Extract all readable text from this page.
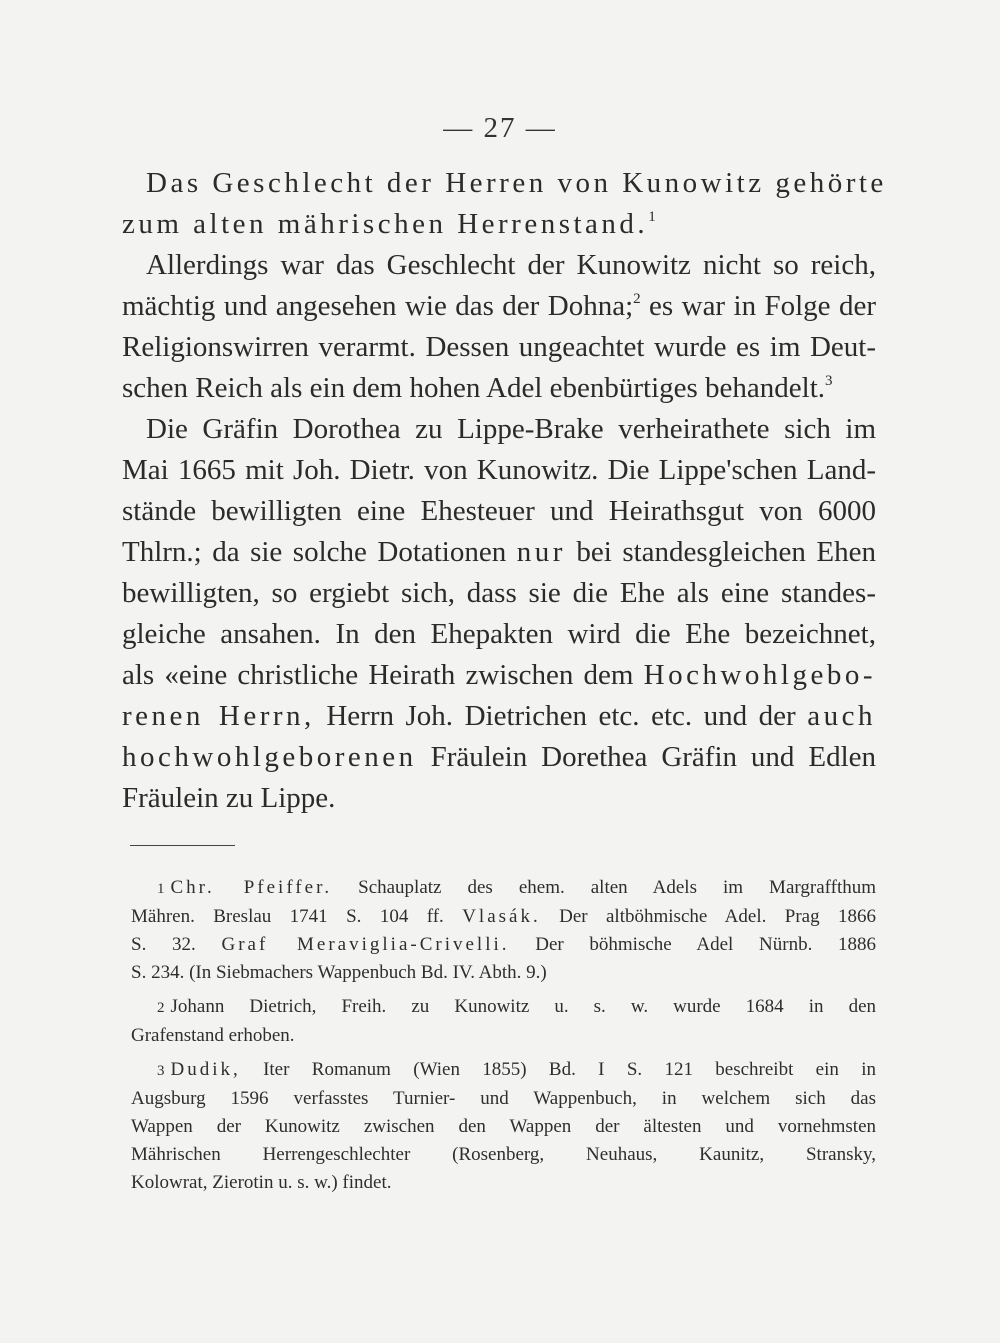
— 27 —
Das Geschlecht der Herren von Kunowitz gehörte
zum alten mährischen Herrenstand.$^1$
Allerdings war das Geschlecht der Kunowitz nicht so reich,
mächtig und angesehen wie das der Dohna;$^2$ es war in Folge der
Religionswirren verarmt. Dessen ungeachtet wurde es im Deut-
schen Reich als ein dem hohen Adel ebenbürtiges behandelt.$^3$
Die Gräfin Dorothea zu Lippe-Brake verheirathete sich im
Mai 1665 mit Joh. Dietr. von Kunowitz. Die Lippe'schen Land-
stände bewilligten eine Ehesteuer und Heirathsgut von 6000
Thlrn.; da sie solche Dotationen nur bei standesgleichen Ehen
bewilligten, so ergiebt sich, dass sie die Ehe als eine standes-
gleiche ansahen. In den Ehepakten wird die Ehe bezeichnet,
als «eine christliche Heirath zwischen dem Hochwohlgebo-
renen Herrn, Herrn Joh. Dietrichen etc. etc. und der auch
hochwohlgeborenen Fräulein Dorethea Gräfin und Edlen
Fräulein zu Lippe.
1 Chr. Pfeiffer. Schauplatz des ehem. alten Adels im Margraffthum
Mähren. Breslau 1741 S. 104 ff. Vlasák. Der altböhmische Adel. Prag 1866
S. 32. Graf Meraviglia-Crivelli. Der böhmische Adel Nürnb. 1886
S. 234. (In Siebmachers Wappenbuch Bd. IV. Abth. 9.)
2 Johann Dietrich, Freih. zu Kunowitz u. s. w. wurde 1684 in den
Grafenstand erhoben.
3 Dudik, Iter Romanum (Wien 1855) Bd. I S. 121 beschreibt ein in
Augsburg 1596 verfasstes Turnier- und Wappenbuch, in welchem sich das
Wappen der Kunowitz zwischen den Wappen der ältesten und vornehmsten
Mährischen Herrengeschlechter (Rosenberg, Neuhaus, Kaunitz, Stransky,
Kolowrat, Zierotin u. s. w.) findet.
